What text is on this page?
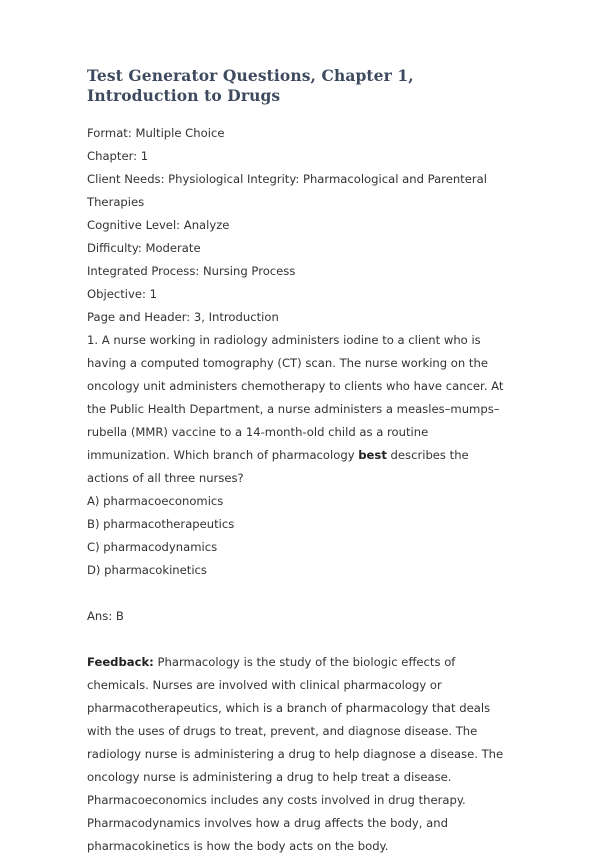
Test Generator Questions, Chapter 1, Introduction to Drugs

Format: Multiple Choice

Chapter: 1

Client Needs: Physiological Integrity: Pharmacological and Parenteral Therapies

Cognitive Level: Analyze

Difficulty: Moderate

Integrated Process: Nursing Process

Objective: 1

Page and Header: 3, Introduction

1. A nurse working in radiology administers iodine to a client who is having a computed tomography (CT) scan. The nurse working on the oncology unit administers chemotherapy to clients who have cancer. At the Public Health Department, a nurse administers a measles–mumps–rubella (MMR) vaccine to a 14-month-old child as a routine immunization. Which branch of pharmacology best describes the actions of all three nurses?

A) pharmacoeconomics

B) pharmacotherapeutics

C) pharmacodynamics

D) pharmacokinetics

Ans: B

Feedback: Pharmacology is the study of the biologic effects of chemicals. Nurses are involved with clinical pharmacology or pharmacotherapeutics, which is a branch of pharmacology that deals with the uses of drugs to treat, prevent, and diagnose disease. The radiology nurse is administering a drug to help diagnose a disease. The oncology nurse is administering a drug to help treat a disease. Pharmacoeconomics includes any costs involved in drug therapy. Pharmacodynamics involves how a drug affects the body, and pharmacokinetics is how the body acts on the body.
